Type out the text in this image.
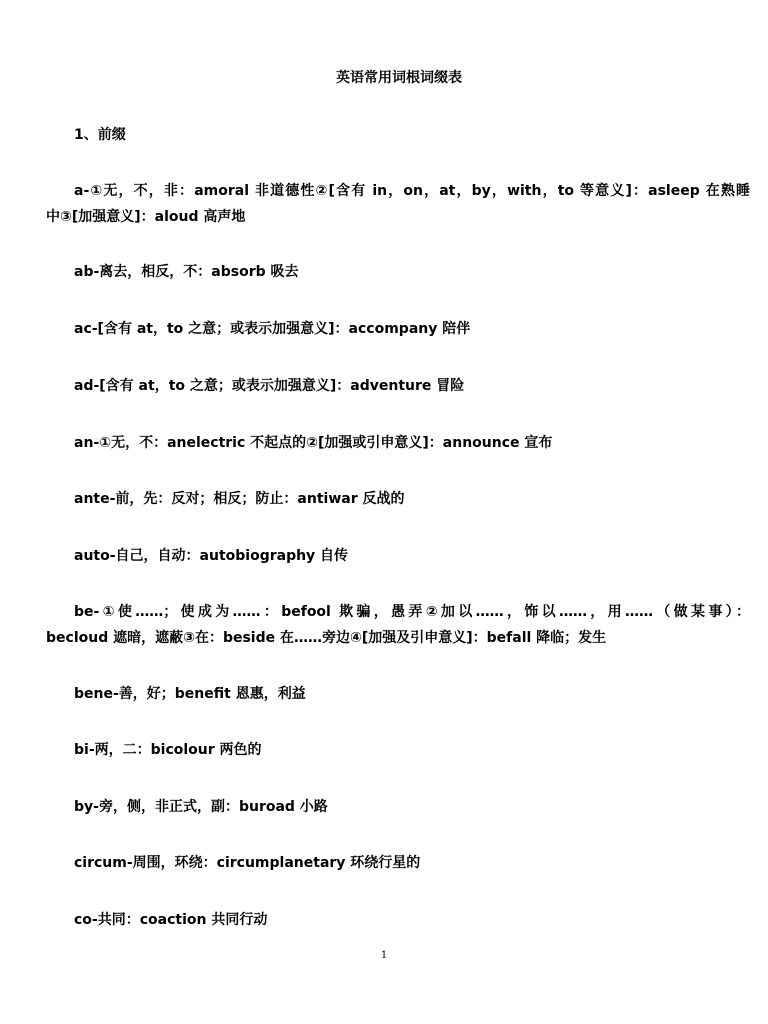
英语常用词根词缀表
1、前缀
a-①无，不，非：amoral 非道德性②[含有 in，on，at，by，with，to 等意义]：asleep 在熟睡
中③[加强意义]：aloud 高声地
ab-离去，相反，不：absorb 吸去
ac-[含有 at，to 之意；或表示加强意义]：accompany 陪伴
ad-[含有 at，to 之意；或表示加强意义]：adventure 冒险
an-①无，不：anelectric 不起点的②[加强或引申意义]：announce 宣布
ante-前，先：反对；相反；防止：antiwar 反战的
auto-自己，自动：autobiography 自传
be-①使……；使成为……：befool 欺骗，愚弄②加以……，饰以……，用……（做某事）：
becloud 遮暗，遮蔽③在：beside 在……旁边④[加强及引申意义]：befall 降临；发生
bene-善，好；benefit 恩惠，利益
bi-两，二：bicolour 两色的
by-旁，侧，非正式，副：buroad 小路
circum-周围，环绕：circumplanetary 环绕行星的
co-共同：coaction 共同行动
1
